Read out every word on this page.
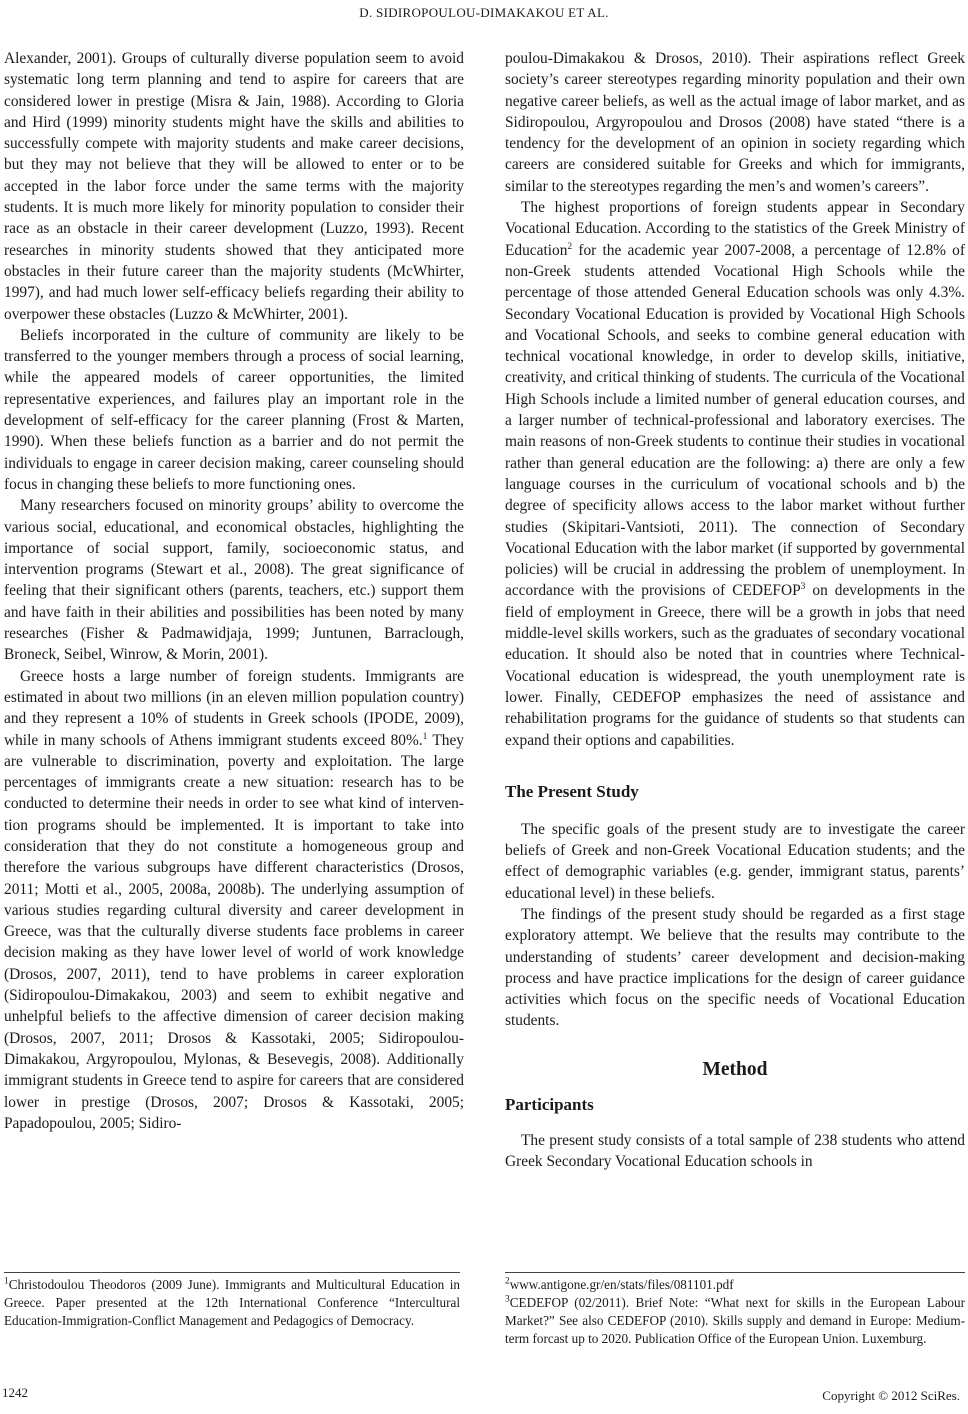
D. SIDIROPOULOU-DIMAKAKOU ET AL.

Alexander, 2001). Groups of culturally diverse population seem to avoid systematic long term planning and tend to aspire for careers that are considered lower in prestige (Misra & Jain, 1988). According to Gloria and Hird (1999) minority students might have the skills and abilities to successfully compete with majority students and make career decisions, but they may not believe that they will be allowed to enter or to be accepted in the labor force under the same terms with the majority students. It is much more likely for minority population to consider their race as an obstacle in their career development (Luzzo, 1993). Recent researches in minority students showed that they anticipated more obstacles in their future career than the majority students (McWhirter, 1997), and had much lower self-efficacy beliefs regarding their ability to overpower these obstacles (Luzzo & McWhirter, 2001).

Beliefs incorporated in the culture of community are likely to be transferred to the younger members through a process of social learning, while the appeared models of career opportunities, the limited representative experiences, and failures play an important role in the development of self-efficacy for the career planning (Frost & Marten, 1990). When these beliefs function as a barrier and do not permit the individuals to engage in career decision making, career counseling should focus in changing these beliefs to more functioning ones.

Many researchers focused on minority groups’ ability to overcome the various social, educational, and economical obstacles, highlighting the importance of social support, family, socioeconomic status, and intervention programs (Stewart et al., 2008). The great significance of feeling that their significant others (parents, teachers, etc.) support them and have faith in their abilities and possibilities has been noted by many researches (Fisher & Padmawidjaja, 1999; Juntunen, Barraclough, Broneck, Seibel, Winrow, & Morin, 2001).

Greece hosts a large number of foreign students. Immigrants are estimated in about two millions (in an eleven million population country) and they represent a 10% of students in Greek schools (IPODE, 2009), while in many schools of Athens immigrant students exceed 80%.$^1$ They are vulnerable to discrimination, poverty and exploitation. The large percentages of immigrants create a new situation: research has to be conducted to determine their needs in order to see what kind of intervention programs should be implemented. It is important to take into consideration that they do not constitute a homogeneous group and therefore the various subgroups have different characteristics (Drosos, 2011; Motti et al., 2005, 2008a, 2008b). The underlying assumption of various studies regarding cultural diversity and career development in Greece, was that the culturally diverse students face problems in career decision making as they have lower level of world of work knowledge (Drosos, 2007, 2011), tend to have problems in career exploration (Sidiropoulou-Dimakakou, 2003) and seem to exhibit negative and unhelpful beliefs to the affective dimension of career decision making (Drosos, 2007, 2011; Drosos & Kassotaki, 2005; Sidiropoulou-Dimakakou, Argyropoulou, Mylonas, & Besevegis, 2008). Additionally immigrant students in Greece tend to aspire for careers that are considered lower in prestige (Drosos, 2007; Drosos & Kassotaki, 2005; Papadopoulou, 2005; Sidiro-

poulou-Dimakakou & Drosos, 2010). Their aspirations reflect Greek society’s career stereotypes regarding minority population and their own negative career beliefs, as well as the actual image of labor market, and as Sidiropoulou, Argyropoulou and Drosos (2008) have stated “there is a tendency for the development of an opinion in society regarding which careers are considered suitable for Greeks and which for immigrants, similar to the stereotypes regarding the men’s and women’s careers”.

The highest proportions of foreign students appear in Secondary Vocational Education. According to the statistics of the Greek Ministry of Education$^2$ for the academic year 2007-2008, a percentage of 12.8% of non-Greek students attended Vocational High Schools while the percentage of those attended General Education schools was only 4.3%. Secondary Vocational Education is provided by Vocational High Schools and Vocational Schools, and seeks to combine general education with technical vocational knowledge, in order to develop skills, initiative, creativity, and critical thinking of students. The curricula of the Vocational High Schools include a limited number of general education courses, and a larger number of technical-professional and laboratory exercises. The main reasons of non-Greek students to continue their studies in vocational rather than general education are the following: a) there are only a few language courses in the curriculum of vocational schools and b) the degree of specificity allows access to the labor market without further studies (Skipitari-Vantsioti, 2011). The connection of Secondary Vocational Education with the labor market (if supported by governmental policies) will be crucial in addressing the problem of unemployment. In accordance with the provisions of CEDEFOP$^3$ on developments in the field of employment in Greece, there will be a growth in jobs that need middle-level skills workers, such as the graduates of secondary vocational education. It should also be noted that in countries where Technical-Vocational education is widespread, the youth unemployment rate is lower. Finally, CEDEFOP emphasizes the need of assistance and rehabilitation programs for the guidance of students so that students can expand their options and capabilities.

The Present Study

The specific goals of the present study are to investigate the career beliefs of Greek and non-Greek Vocational Education students; and the effect of demographic variables (e.g. gender, immigrant status, parents’ educational level) in these beliefs.

The findings of the present study should be regarded as a first stage exploratory attempt. We believe that the results may contribute to the understanding of students’ career development and decision-making process and have practice implications for the design of career guidance activities which focus on the specific needs of Vocational Education students.

Method
Participants

The present study consists of a total sample of 238 students who attend Greek Secondary Vocational Education schools in

$^1$Christodoulou Theodoros (2009 June). Immigrants and Multicultural Education in Greece. Paper presented at the 12th International Conference “Intercultural Education-Immigration-Conflict Management and Pedagogics of Democracy.

$^2$www.antigone.gr/en/stats/files/081101.pdf

$^3$CEDEFOP (02/2011). Brief Note: “What next for skills in the European Labour Market?” See also CEDEFOP (2010). Skills supply and demand in Europe: Medium-term forcast up to 2020. Publication Office of the European Union. Luxemburg.

1242	Copyright © 2012 SciRes.
